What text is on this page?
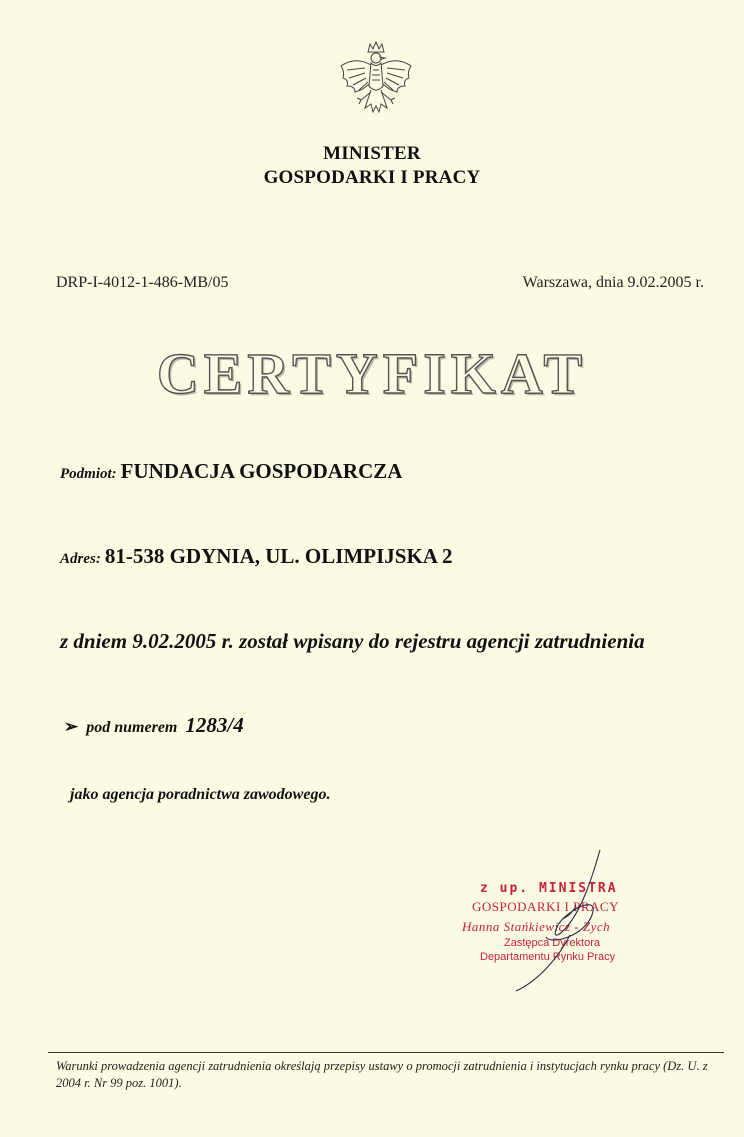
MINISTER
GOSPODARKI I PRACY
DRP-I-4012-1-486-MB/05	Warszawa, dnia 9.02.2005 r.
CERTYFIKAT
Podmiot: FUNDACJA GOSPODARCZA
Adres: 81-538 GDYNIA, UL. OLIMPIJSKA 2
z dniem 9.02.2005 r. został wpisany do rejestru agencji zatrudnienia
➢ pod numerem 1283/4
jako agencja poradnictwa zawodowego.
z up. MINISTRA
GOSPODARKI I PRACY
Hanna Stańkiewicz - Zych
Zastępca Dyrektora
Departamentu Rynku Pracy
Warunki prowadzenia agencji zatrudnienia określają przepisy ustawy o promocji zatrudnienia i instytucjach rynku pracy (Dz. U. z 2004 r. Nr 99 poz. 1001).
